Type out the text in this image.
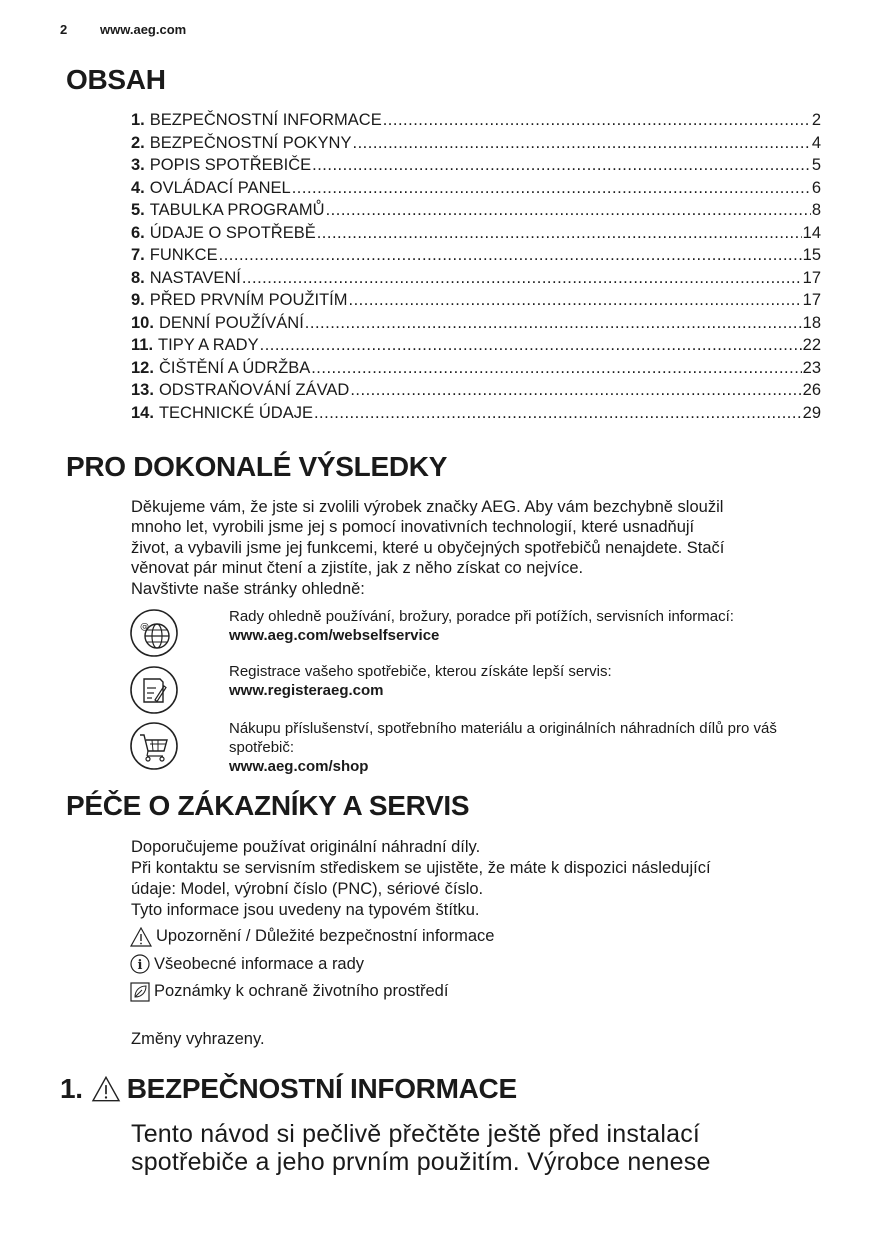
2	www.aeg.com
OBSAH
1. BEZPEČNOSTNÍ INFORMACE .....	2
2. BEZPEČNOSTNÍ POKYNY .....	4
3. POPIS SPOTŘEBIČE .....	5
4. OVLÁDACÍ PANEL .....	6
5. TABULKA PROGRAMŮ .....	8
6. ÚDAJE O SPOTŘEBĚ .....	14
7. FUNKCE .....	15
8. NASTAVENÍ .....	17
9. PŘED PRVNÍM POUŽITÍM .....	17
10. DENNÍ POUŽÍVÁNÍ .....	18
11. TIPY A RADY .....	22
12. ČIŠTĚNÍ A ÚDRŽBA .....	23
13. ODSTRAŇOVÁNÍ ZÁVAD .....	26
14. TECHNICKÉ ÚDAJE .....	29
PRO DOKONALÉ VÝSLEDKY

Děkujeme vám, že jste si zvolili výrobek značky AEG. Aby vám bezchybně sloužil

mnoho let, vyrobili jsme jej s pomocí inovativních technologií, které usnadňují

život, a vybavili jsme jej funkcemi, které u obyčejných spotřebičů nenajdete. Stačí

věnovat pár minut čtení a zjistíte, jak z něho získat co nejvíce.

Navštivte naše stránky ohledně:

@
Rady ohledně používání, brožury, poradce při potížích, servisních informací:
www.aeg.com/webselfservice
Registrace vašeho spotřebiče, kterou získáte lepší servis:
www.registeraeg.com
Nákupu příslušenství, spotřebního materiálu a originálních náhradních dílů pro váš spotřebič:
www.aeg.com/shop
PÉČE O ZÁKAZNÍKY A SERVIS

Doporučujeme používat originální náhradní díly.

Při kontaktu se servisním střediskem se ujistěte, že máte k dispozici následující

údaje: Model, výrobní číslo (PNC), sériové číslo.

Tyto informace jsou uvedeny na typovém štítku.

Upozornění / Důležité bezpečnostní informace
i Všeobecné informace a rady
Poznámky k ochraně životního prostředí
Změny vyhrazeny.
1. BEZPEČNOSTNÍ INFORMACE
Tento návod si pečlivě přečtěte ještě před instalací
spotřebiče a jeho prvním použitím. Výrobce nenese
